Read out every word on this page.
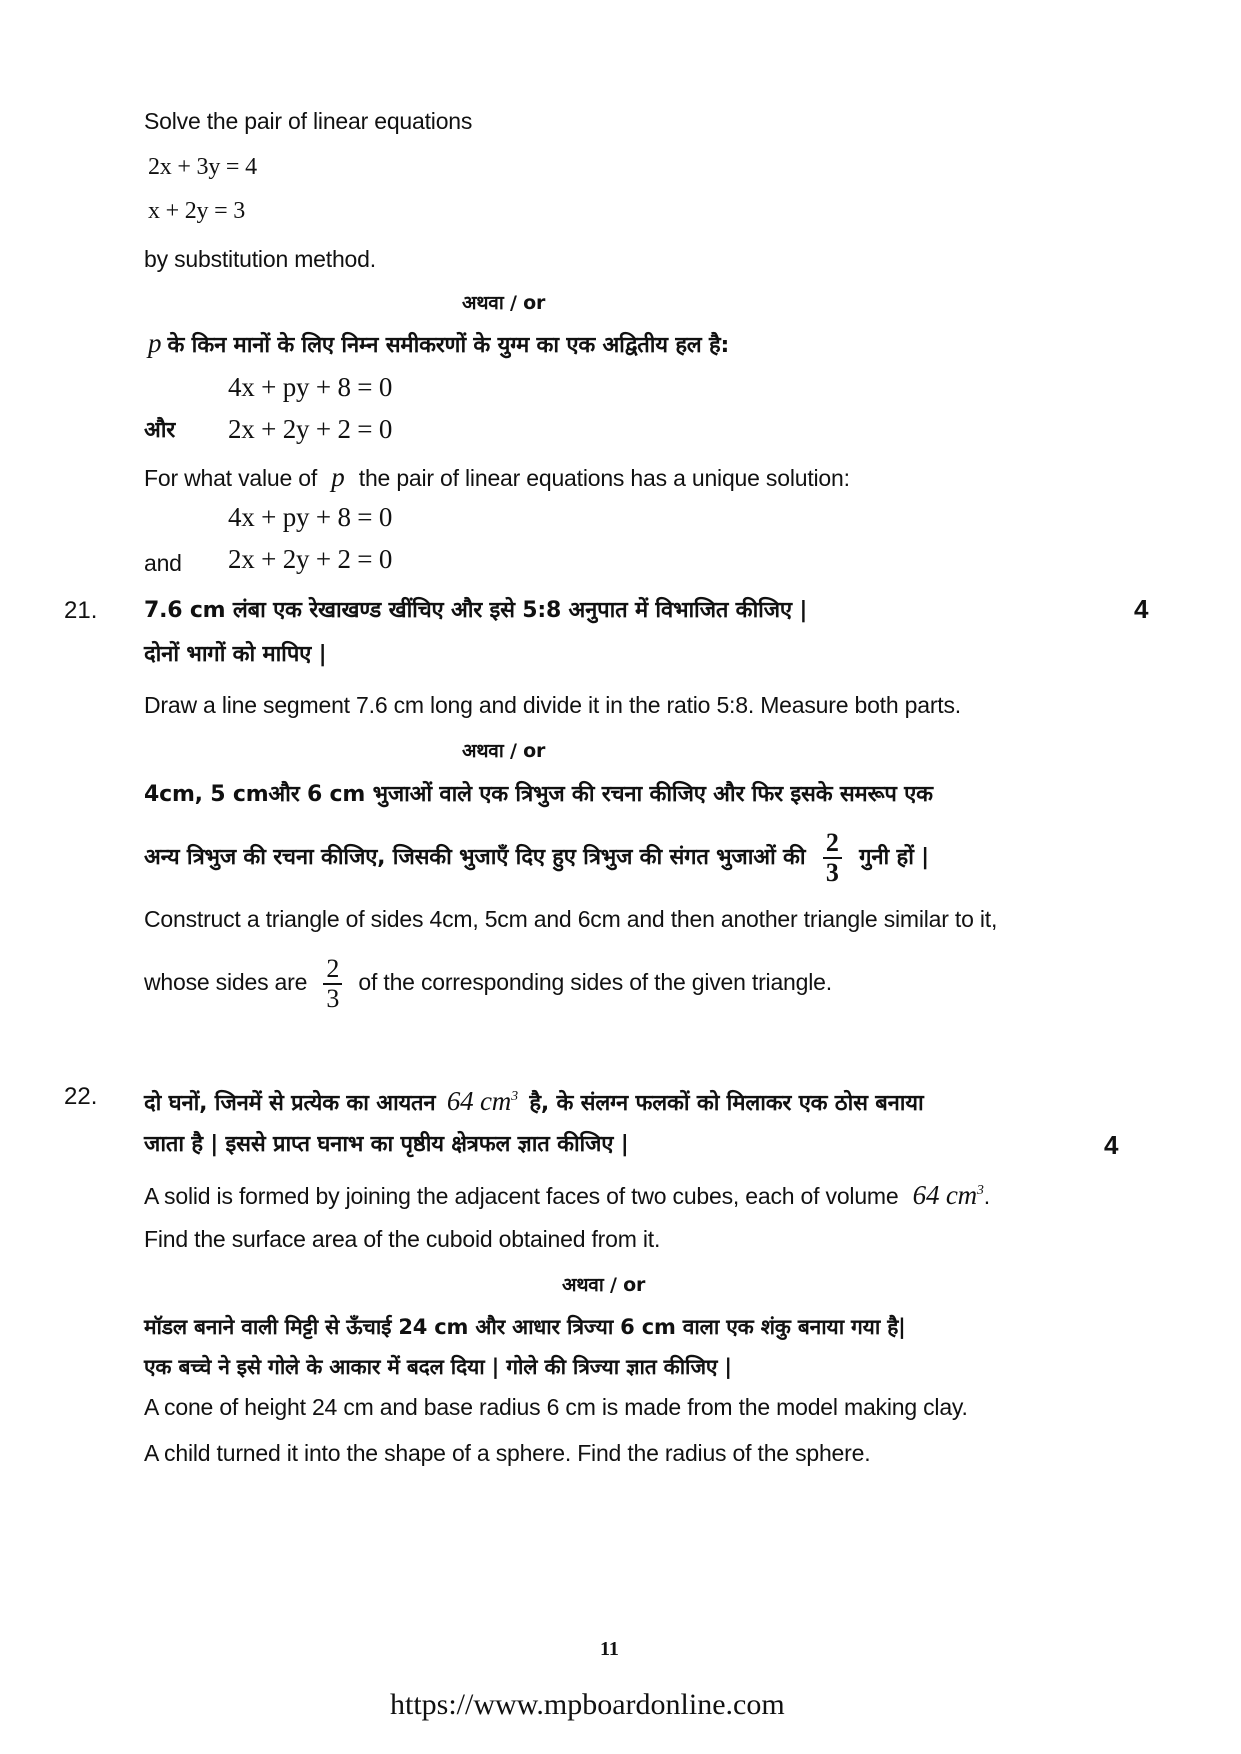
Solve the pair of linear equations
2x + 3y = 4
x + 2y = 3
by substitution method.
अथवा / or
p के किन मानों के लिए निम्न समीकरणों के युग्म का एक अद्वितीय हल है:
4x + py + 8 = 0
और 2x + 2y + 2 = 0
For what value of p the pair of linear equations has a unique solution:
4x + py + 8 = 0
and 2x + 2y + 2 = 0
21.	4
7.6 cm लंबा एक रेखाखण्ड खींचिए और इसे 5:8 अनुपात में विभाजित कीजिए |
दोनों भागों को मापिए |
Draw a line segment 7.6 cm long and divide it in the ratio 5:8. Measure both parts.
अथवा / or
4cm, 5 cmऔर 6 cm भुजाओं वाले एक त्रिभुज की रचना कीजिए और फिर इसके समरूप एक
अन्य त्रिभुज की रचना कीजिए, जिसकी भुजाएँ दिए हुए त्रिभुज की संगत भुजाओं की $\frac{2}{3}$ गुनी हों |
Construct a triangle of sides 4cm, 5cm and 6cm and then another triangle similar to it,
whose sides are $\frac{2}{3}$ of the corresponding sides of the given triangle.
22. दो घनों, जिनमें से प्रत्येक का आयतन 64 $cm^3$ है, के संलग्न फलकों को मिलाकर एक ठोस बनाया
जाता है | इससे प्राप्त घनाभ का पृष्ठीय क्षेत्रफल ज्ञात कीजिए |	4
A solid is formed by joining the adjacent faces of two cubes, each of volume 64 $cm^3$.
Find the surface area of the cuboid obtained from it.
अथवा / or
मॉडल बनाने वाली मिट्टी से ऊँचाई 24 cm और आधार त्रिज्या 6 cm वाला एक शंकु बनाया गया है|
एक बच्चे ने इसे गोले के आकार में बदल दिया | गोले की त्रिज्या ज्ञात कीजिए |
A cone of height 24 cm and base radius 6 cm is made from the model making clay.
A child turned it into the shape of a sphere. Find the radius of the sphere.
11
https://www.mpboardonline.com
